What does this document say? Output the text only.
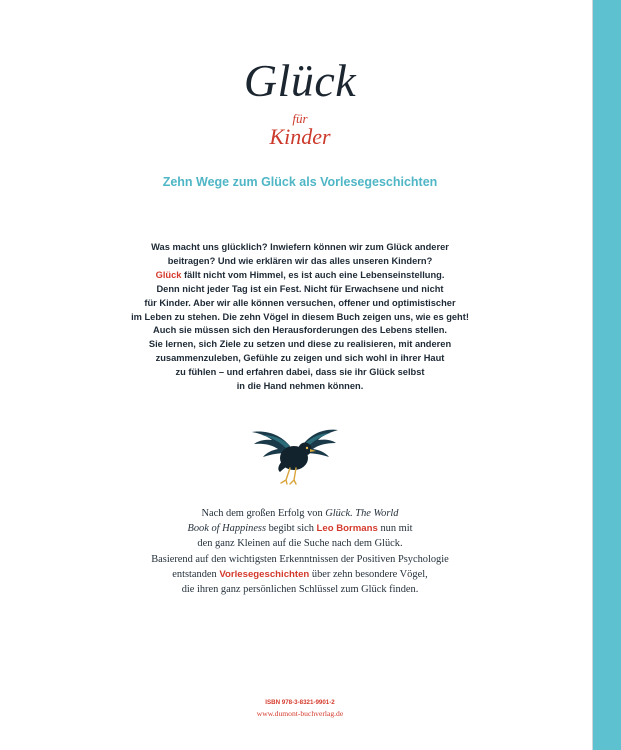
Glück
für
Kinder
Zehn Wege zum Glück als Vorlesegeschichten
Was macht uns glücklich? Inwiefern können wir zum Glück anderer
beitragen? Und wie erklären wir das alles unseren Kindern?
Glück fällt nicht vom Himmel, es ist auch eine Lebenseinstellung.
Denn nicht jeder Tag ist ein Fest. Nicht für Erwachsene und nicht
für Kinder. Aber wir alle können versuchen, offener und optimistischer
im Leben zu stehen. Die zehn Vögel in diesem Buch zeigen uns, wie es geht!
Auch sie müssen sich den Herausforderungen des Lebens stellen.
Sie lernen, sich Ziele zu setzen und diese zu realisieren, mit anderen
zusammenzuleben, Gefühle zu zeigen und sich wohl in ihrer Haut
zu fühlen – und erfahren dabei, dass sie ihr Glück selbst
in die Hand nehmen können.
Nach dem großen Erfolg von Glück. The World
Book of Happiness begibt sich Leo Bormans nun mit
den ganz Kleinen auf die Suche nach dem Glück.
Basierend auf den wichtigsten Erkenntnissen der Positiven Psychologie
entstanden Vorlesegeschichten über zehn besondere Vögel,
die ihren ganz persönlichen Schlüssel zum Glück finden.
ISBN 978-3-8321-9901-2
www.dumont-buchverlag.de
